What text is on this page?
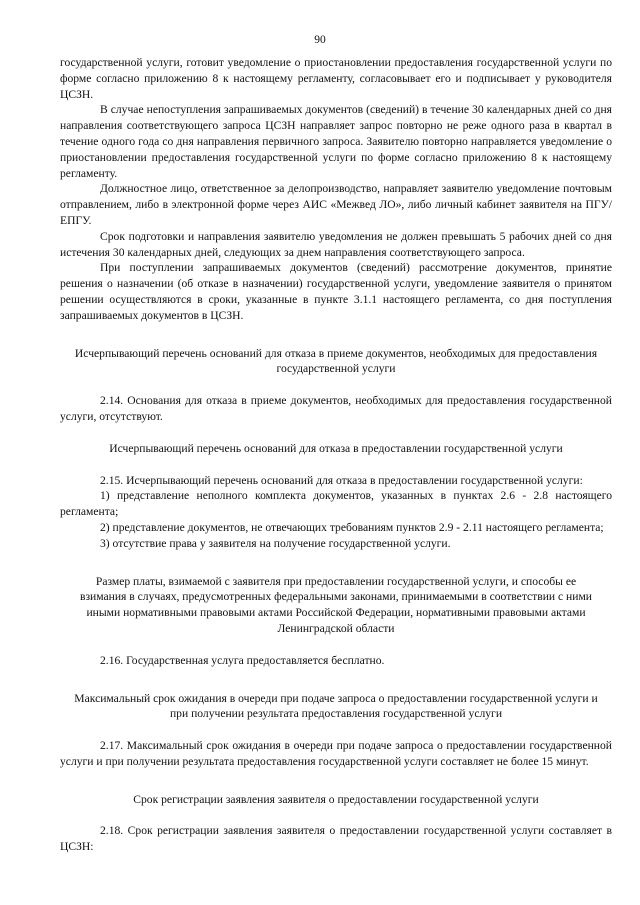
90

государственной услуги, готовит уведомление о приостановлении предоставления государственной услуги по форме согласно приложению 8 к настоящему регламенту, согласовывает его и подписывает у руководителя ЦСЗН.

В случае непоступления запрашиваемых документов (сведений) в течение 30 календарных дней со дня направления соответствующего запроса ЦСЗН направляет запрос повторно не реже одного раза в квартал в течение одного года со дня направления первичного запроса. Заявителю повторно направляется уведомление о приостановлении предоставления государственной услуги по форме согласно приложению 8 к настоящему регламенту.

Должностное лицо, ответственное за делопроизводство, направляет заявителю уведомление почтовым отправлением, либо в электронной форме через АИС «Межвед ЛО», либо личный кабинет заявителя на ПГУ/ ЕПГУ.

Срок подготовки и направления заявителю уведомления не должен превышать 5 рабочих дней со дня истечения 30 календарных дней, следующих за днем направления соответствующего запроса.

При поступлении запрашиваемых документов (сведений) рассмотрение документов, принятие решения о назначении (об отказе в назначении) государственной услуги, уведомление заявителя о принятом решении осуществляются в сроки, указанные в пункте 3.1.1 настоящего регламента, со дня поступления запрашиваемых документов в ЦСЗН.

Исчерпывающий перечень оснований для отказа в приеме документов, необходимых для предоставления государственной услуги

2.14. Основания для отказа в приеме документов, необходимых для предоставления государственной услуги, отсутствуют.

Исчерпывающий перечень оснований для отказа в предоставлении государственной услуги

2.15. Исчерпывающий перечень оснований для отказа в предоставлении государственной услуги:

1) представление неполного комплекта документов, указанных в пунктах 2.6 - 2.8 настоящего регламента;

2) представление документов, не отвечающих требованиям пунктов 2.9 - 2.11 настоящего регламента;

3) отсутствие права у заявителя на получение государственной услуги.

Размер платы, взимаемой с заявителя при предоставлении государственной услуги, и способы ее взимания в случаях, предусмотренных федеральными законами, принимаемыми в соответствии с ними иными нормативными правовыми актами Российской Федерации, нормативными правовыми актами Ленинградской области

2.16. Государственная услуга предоставляется бесплатно.

Максимальный срок ожидания в очереди при подаче запроса о предоставлении государственной услуги и при получении результата предоставления государственной услуги

2.17. Максимальный срок ожидания в очереди при подаче запроса о предоставлении государственной услуги и при получении результата предоставления государственной услуги составляет не более 15 минут.

Срок регистрации заявления заявителя о предоставлении государственной услуги

2.18. Срок регистрации заявления заявителя о предоставлении государственной услуги составляет в ЦСЗН:
